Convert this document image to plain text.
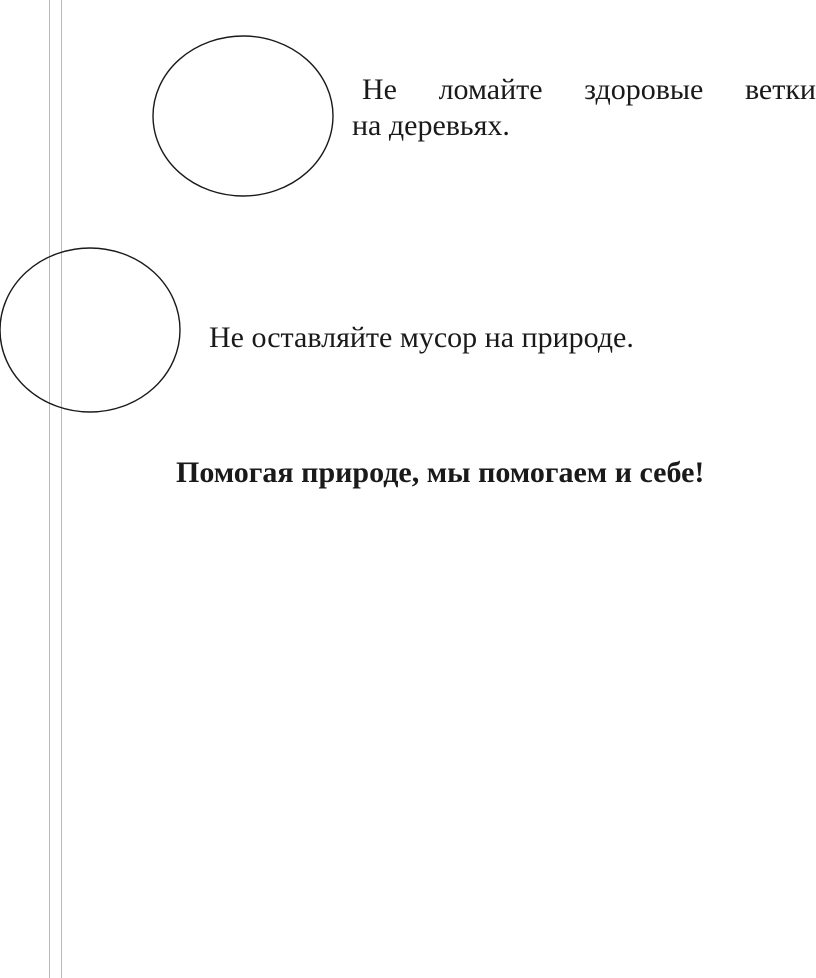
Не ломайте здоровые ветки
на деревьях.

Не оставляйте мусор на природе.

Помогая природе, мы помогаем и себе!
